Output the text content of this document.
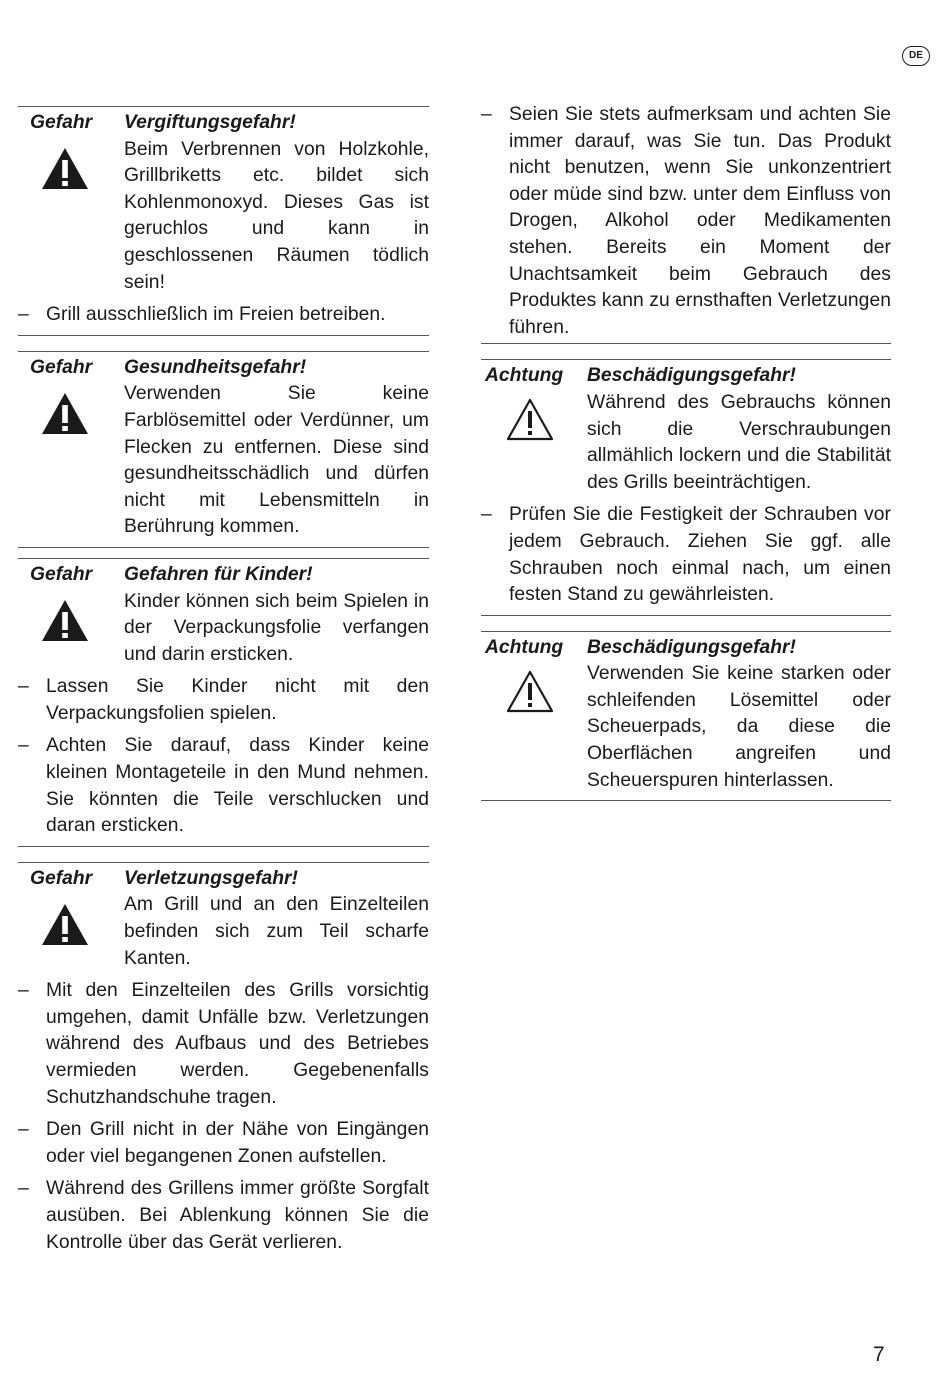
DE
Gefahr	Vergiftungsgefahr!
Beim Verbrennen von Holzkohle, Grillbriketts etc. bildet sich Kohlenmonoxyd. Dieses Gas ist geruchlos und kann in geschlossenen Räumen tödlich sein!
– Grill ausschließlich im Freien betreiben.
Gefahr	Gesundheitsgefahr!
Verwenden Sie keine Farblösemittel oder Verdünner, um Flecken zu entfernen. Diese sind gesundheitsschädlich und dürfen nicht mit Lebensmitteln in Berührung kommen.
Gefahr	Gefahren für Kinder!
Kinder können sich beim Spielen in der Verpackungsfolie verfangen und darin ersticken.
– Lassen Sie Kinder nicht mit den Verpackungsfolien spielen.
– Achten Sie darauf, dass Kinder keine kleinen Montageteile in den Mund nehmen. Sie könnten die Teile verschlucken und daran ersticken.
Gefahr	Verletzungsgefahr!
Am Grill und an den Einzelteilen befinden sich zum Teil scharfe Kanten.
– Mit den Einzelteilen des Grills vorsichtig umgehen, damit Unfälle bzw. Verletzungen während des Aufbaus und des Betriebes vermieden werden. Gegebenenfalls Schutzhandschuhe tragen.
– Den Grill nicht in der Nähe von Eingängen oder viel begangenen Zonen aufstellen.
– Während des Grillens immer größte Sorgfalt ausüben. Bei Ablenkung können Sie die Kontrolle über das Gerät verlieren.
– Seien Sie stets aufmerksam und achten Sie immer darauf, was Sie tun. Das Produkt nicht benutzen, wenn Sie unkonzentriert oder müde sind bzw. unter dem Einfluss von Drogen, Alkohol oder Medikamenten stehen. Bereits ein Moment der Unachtsamkeit beim Gebrauch des Produktes kann zu ernsthaften Verletzungen führen.
Achtung	Beschädigungsgefahr!
Während des Gebrauchs können sich die Verschraubungen allmählich lockern und die Stabilität des Grills beeinträchtigen.
– Prüfen Sie die Festigkeit der Schrauben vor jedem Gebrauch. Ziehen Sie ggf. alle Schrauben noch einmal nach, um einen festen Stand zu gewährleisten.
Achtung	Beschädigungsgefahr!
Verwenden Sie keine starken oder schleifenden Lösemittel oder Scheuerpads, da diese die Oberflächen angreifen und Scheuerspuren hinterlassen.
7
